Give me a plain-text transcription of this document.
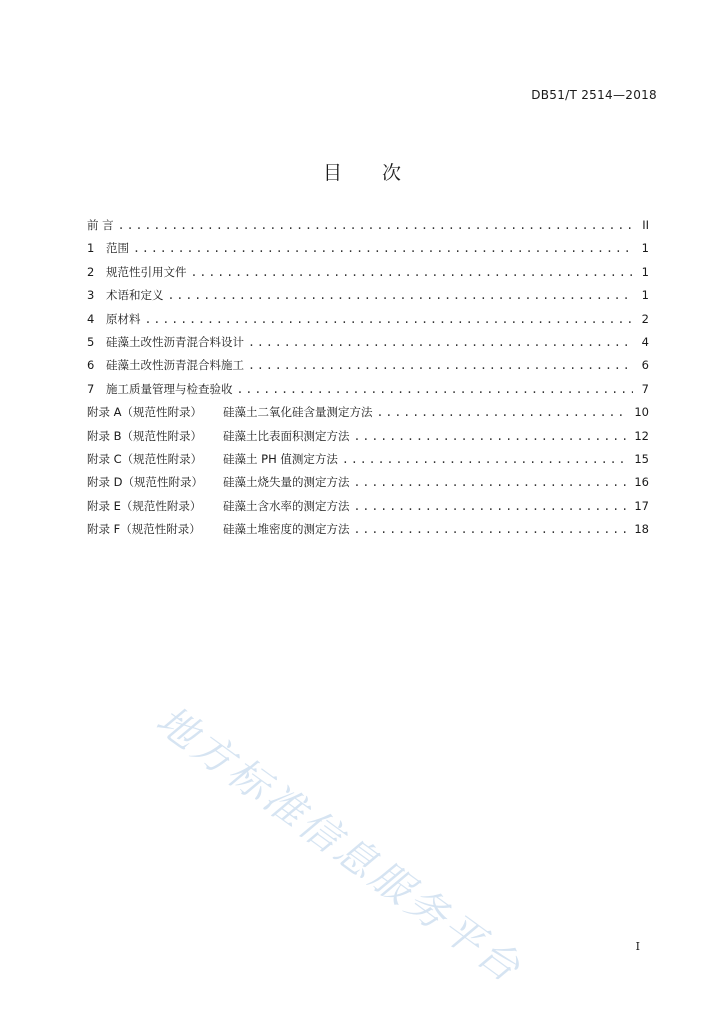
DB51/T 2514—2018
目 次
前 言 .....	II
1 范围 .....	1
2 规范性引用文件 .....	1
3 术语和定义 .....	1
4 原材料 .....	2
5 硅藻土改性沥青混合料设计 .....	4
6 硅藻土改性沥青混合料施工 .....	6
7 施工质量管理与检查验收 .....	7
附录 A（规范性附录） 硅藻土二氧化硅含量测定方法 .....	10
附录 B（规范性附录） 硅藻土比表面积测定方法 .....	12
附录 C（规范性附录） 硅藻土 PH 值测定方法 .....	15
附录 D（规范性附录） 硅藻土烧失量的测定方法 .....	16
附录 E（规范性附录） 硅藻土含水率的测定方法 .....	17
附录 F（规范性附录） 硅藻土堆密度的测定方法 .....	18
地方标准信息服务平台	I
